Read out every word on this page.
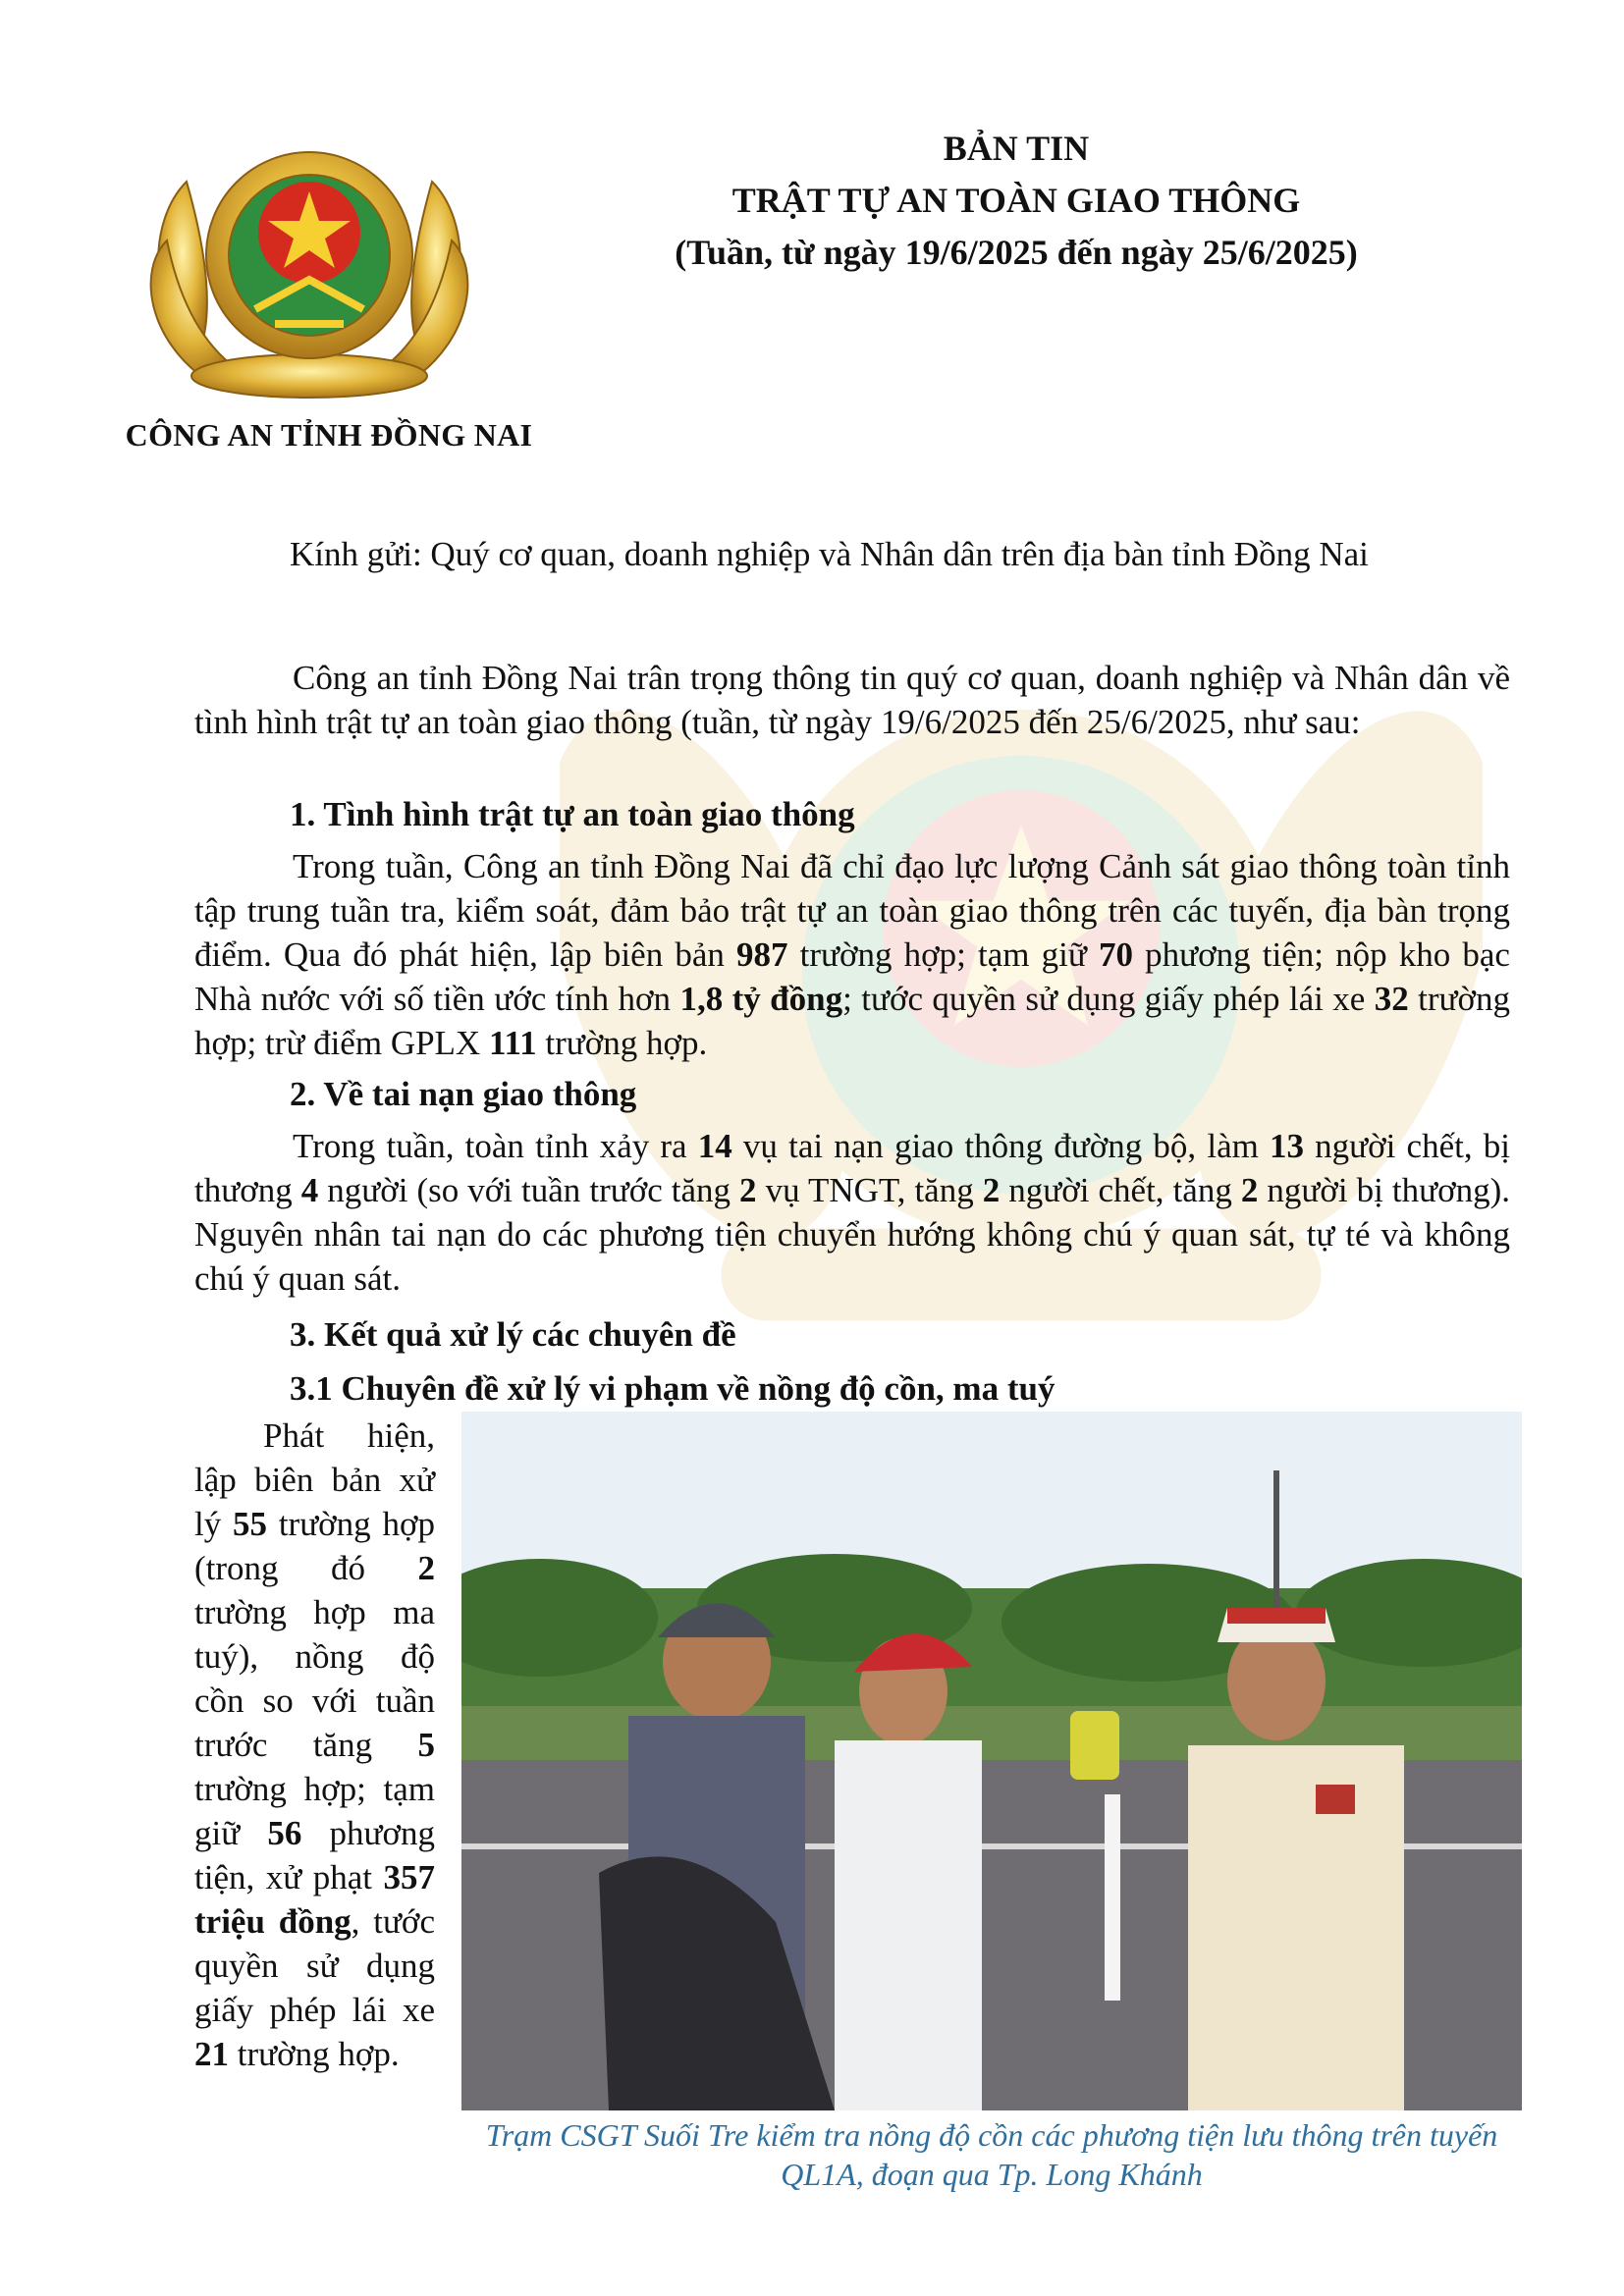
CÔNG AN TỈNH ĐỒNG NAI
BẢN TIN
TRẬT TỰ AN TOÀN GIAO THÔNG
(Tuần, từ ngày 19/6/2025 đến ngày 25/6/2025)
Kính gửi: Quý cơ quan, doanh nghiệp và Nhân dân trên địa bàn tỉnh Đồng Nai
Công an tỉnh Đồng Nai trân trọng thông tin quý cơ quan, doanh nghiệp và Nhân dân về tình hình trật tự an toàn giao thông (tuần, từ ngày 19/6/2025 đến 25/6/2025, như sau:
1. Tình hình trật tự an toàn giao thông
Trong tuần, Công an tỉnh Đồng Nai đã chỉ đạo lực lượng Cảnh sát giao thông toàn tỉnh tập trung tuần tra, kiểm soát, đảm bảo trật tự an toàn giao thông trên các tuyến, địa bàn trọng điểm. Qua đó phát hiện, lập biên bản 987 trường hợp; tạm giữ 70 phương tiện; nộp kho bạc Nhà nước với số tiền ước tính hơn 1,8 tỷ đồng; tước quyền sử dụng giấy phép lái xe 32 trường hợp; trừ điểm GPLX 111 trường hợp.
2. Về tai nạn giao thông
Trong tuần, toàn tỉnh xảy ra 14 vụ tai nạn giao thông đường bộ, làm 13 người chết, bị thương 4 người (so với tuần trước tăng 2 vụ TNGT, tăng 2 người chết, tăng 2 người bị thương). Nguyên nhân tai nạn do các phương tiện chuyển hướng không chú ý quan sát, tự té và không chú ý quan sát.
3. Kết quả xử lý các chuyên đề
3.1 Chuyên đề xử lý vi phạm về nồng độ cồn, ma tuý
Phát hiện, lập biên bản xử lý 55 trường hợp (trong đó 2 trường hợp ma tuý), nồng độ cồn so với tuần trước tăng 5 trường hợp; tạm giữ 56 phương tiện, xử phạt 357 triệu đồng, tước quyền sử dụng giấy phép lái xe 21 trường hợp.
Trạm CSGT Suối Tre kiểm tra nồng độ cồn các phương tiện lưu thông trên tuyến QL1A, đoạn qua Tp. Long Khánh
